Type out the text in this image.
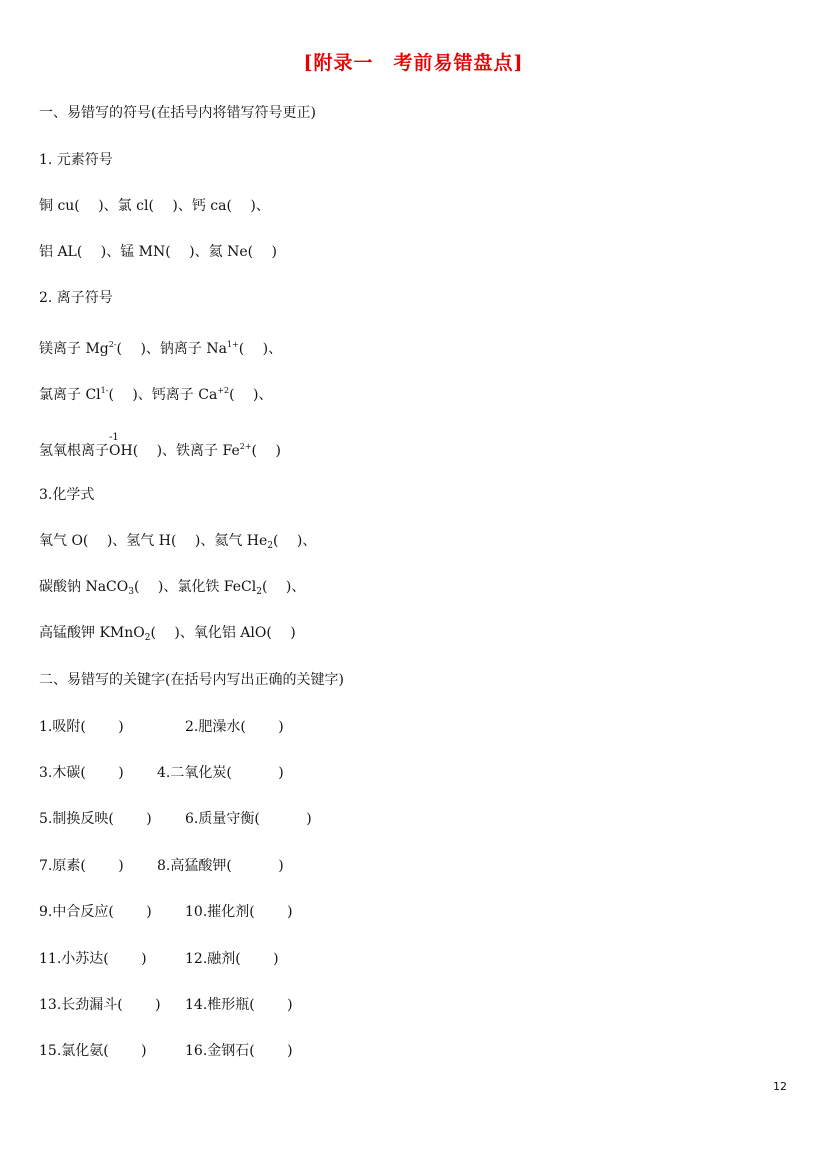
[附录一　考前易错盘点]
一、易错写的符号(在括号内将错写符号更正)
1. 元素符号
铜 cu(　 )、氯 cl(　 )、钙 ca(　 )、
铝 AL(　 )、锰 MN(　 )、氦 Ne(　 )
2. 离子符号
镁离子 $Mg^{2-}$(　 )、钠离子 $Na^{1+}$(　 )、
氯离子 $Cl^{1-}$(　 )、钙离子 $Ca^{+2}$(　 )、
氢氧根离子
-1
OH(　 )、铁离子 $Fe^{2+}$(　 )
3.化学式
氧气 O(　 )、氢气 H(　 )、氦气 $He_2$(　 )、
碳酸钠 NaCO$_3$(　 )、氯化铁 FeCl$_2$(　 )、
高锰酸钾 KMnO$_2$(　 )、氧化铝 AlO(　 )
二、易错写的关键字(在括号内写出正确的关键字)
1.吸附(　　 )	2.肥澡水(　　 )
3.木碳(　　 ) 4.二氧化炭(　　　 )
5.制换反映(　　 ) 6.质量守衡(　　　 )
7.原素(　　 ) 8.高猛酸钾(　　　 )
9.中合反应(　　 ) 10.摧化剂(　　 )
11.小苏达(　　 )	12.融剂(　　 )
13.长劲漏斗(　　 ) 14.椎形瓶(　　 )
15.氯化氨(　　 )	16.金钢石(　　 )
12
